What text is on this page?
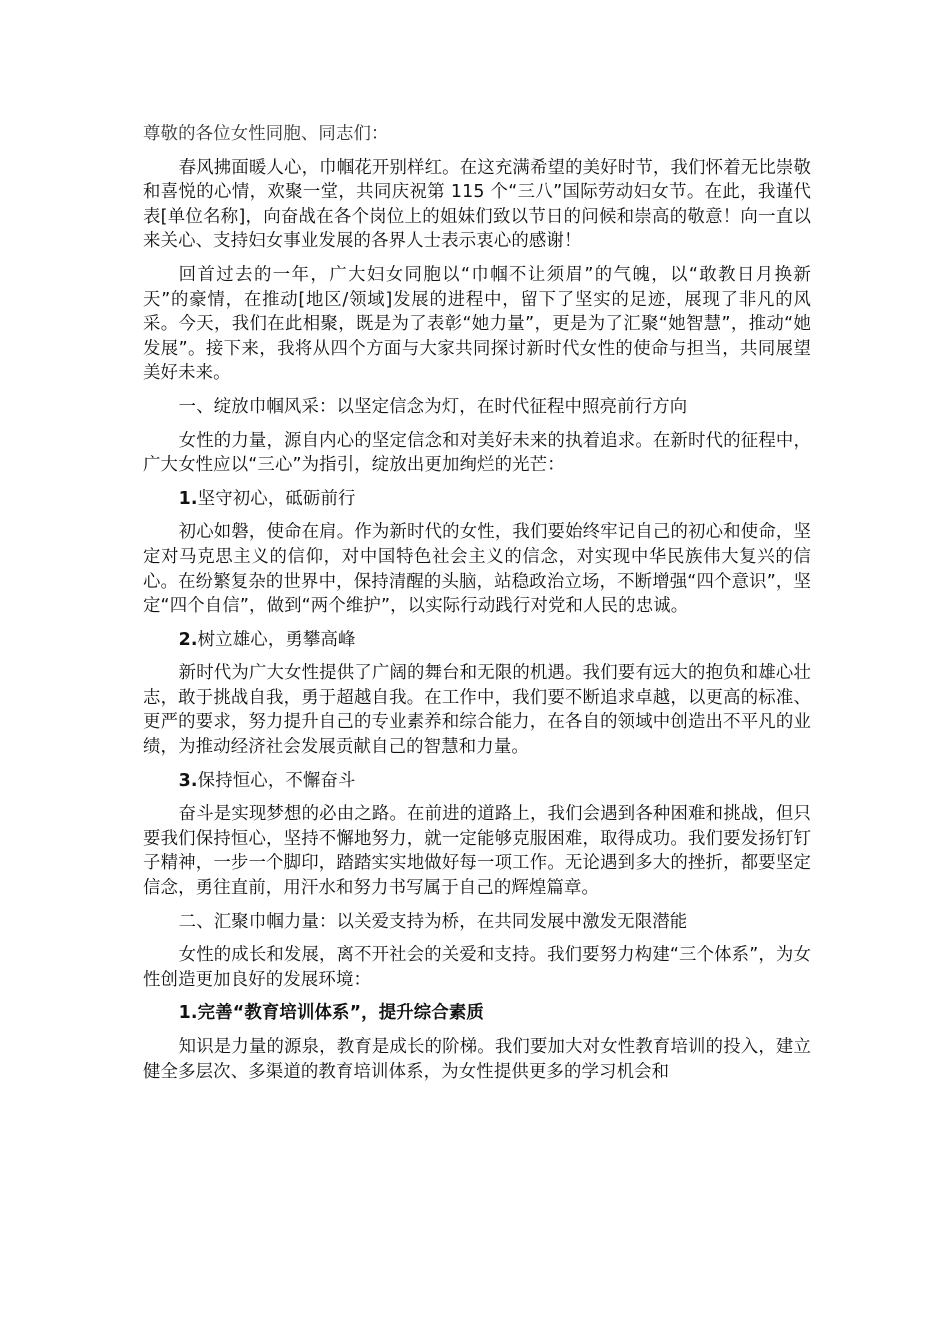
尊敬的各位女性同胞、同志们：

春风拂面暖人心，巾帼花开别样红。在这充满希望的美好时节，我们怀着无比崇敬和喜悦的心情，欢聚一堂，共同庆祝第 115 个“三八”国际劳动妇女节。在此，我谨代表[单位名称]，向奋战在各个岗位上的姐妹们致以节日的问候和崇高的敬意！向一直以来关心、支持妇女事业发展的各界人士表示衷心的感谢！

回首过去的一年，广大妇女同胞以“巾帼不让须眉”的气魄，以“敢教日月换新天”的豪情，在推动[地区/领域]发展的进程中，留下了坚实的足迹，展现了非凡的风采。今天，我们在此相聚，既是为了表彰“她力量”，更是为了汇聚“她智慧”，推动“她发展”。接下来，我将从四个方面与大家共同探讨新时代女性的使命与担当，共同展望美好未来。

一、绽放巾帼风采：以坚定信念为灯，在时代征程中照亮前行方向

女性的力量，源自内心的坚定信念和对美好未来的执着追求。在新时代的征程中，广大女性应以“三心”为指引，绽放出更加绚烂的光芒：

1.坚守初心，砥砺前行

初心如磐，使命在肩。作为新时代的女性，我们要始终牢记自己的初心和使命，坚定对马克思主义的信仰，对中国特色社会主义的信念，对实现中华民族伟大复兴的信心。在纷繁复杂的世界中，保持清醒的头脑，站稳政治立场，不断增强“四个意识”，坚定“四个自信”，做到“两个维护”，以实际行动践行对党和人民的忠诚。

2.树立雄心，勇攀高峰

新时代为广大女性提供了广阔的舞台和无限的机遇。我们要有远大的抱负和雄心壮志，敢于挑战自我，勇于超越自我。在工作中，我们要不断追求卓越，以更高的标准、更严的要求，努力提升自己的专业素养和综合能力，在各自的领域中创造出不平凡的业绩，为推动经济社会发展贡献自己的智慧和力量。

3.保持恒心，不懈奋斗

奋斗是实现梦想的必由之路。在前进的道路上，我们会遇到各种困难和挑战，但只要我们保持恒心，坚持不懈地努力，就一定能够克服困难，取得成功。我们要发扬钉钉子精神，一步一个脚印，踏踏实实地做好每一项工作。无论遇到多大的挫折，都要坚定信念，勇往直前，用汗水和努力书写属于自己的辉煌篇章。

二、汇聚巾帼力量：以关爱支持为桥，在共同发展中激发无限潜能

女性的成长和发展，离不开社会的关爱和支持。我们要努力构建“三个体系”，为女性创造更加良好的发展环境：

1.完善“教育培训体系”，提升综合素质

知识是力量的源泉，教育是成长的阶梯。我们要加大对女性教育培训的投入，建立健全多层次、多渠道的教育培训体系，为女性提供更多的学习机会和
